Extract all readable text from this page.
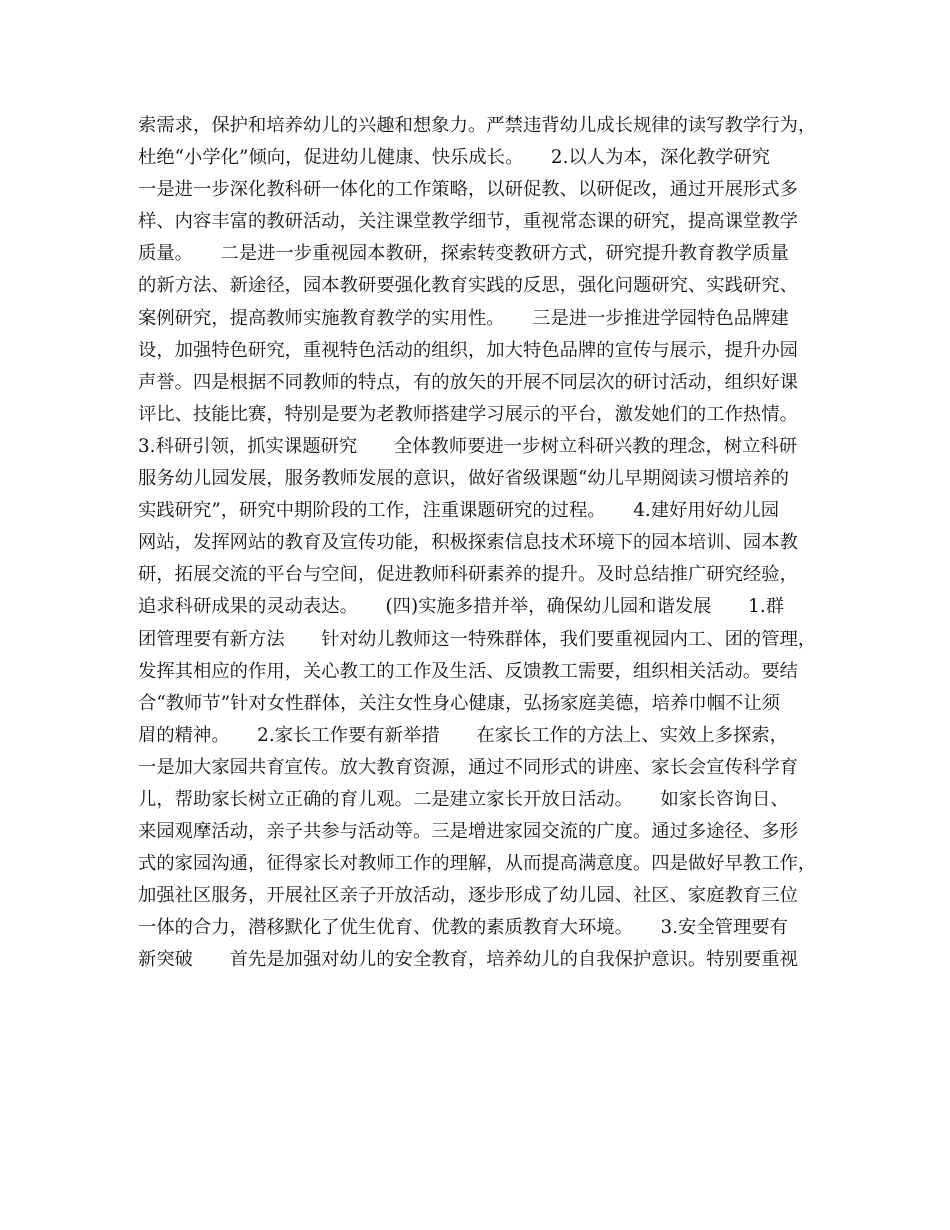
索需求，保护和培养幼儿的兴趣和想象力。严禁违背幼儿成长规律的读写教学行为，
杜绝“小学化”倾向，促进幼儿健康、快乐成长。　　2.以人为本，深化教学研究
一是进一步深化教科研一体化的工作策略，以研促教、以研促改，通过开展形式多
样、内容丰富的教研活动，关注课堂教学细节，重视常态课的研究，提高课堂教学
质量。　　二是进一步重视园本教研，探索转变教研方式，研究提升教育教学质量
的新方法、新途径，园本教研要强化教育实践的反思，强化问题研究、实践研究、
案例研究，提高教师实施教育教学的实用性。　　三是进一步推进学园特色品牌建
设，加强特色研究，重视特色活动的组织，加大特色品牌的宣传与展示，提升办园
声誉。四是根据不同教师的特点，有的放矢的开展不同层次的研讨活动，组织好课
评比、技能比赛，特别是要为老教师搭建学习展示的平台，激发她们的工作热情。
3.科研引领，抓实课题研究　　全体教师要进一步树立科研兴教的理念，树立科研
服务幼儿园发展，服务教师发展的意识，做好省级课题“幼儿早期阅读习惯培养的
实践研究”，研究中期阶段的工作，注重课题研究的过程。　　4.建好用好幼儿园
网站，发挥网站的教育及宣传功能，积极探索信息技术环境下的园本培训、园本教
研，拓展交流的平台与空间，促进教师科研素养的提升。及时总结推广研究经验，
追求科研成果的灵动表达。　　(四)实施多措并举，确保幼儿园和谐发展　　1.群
团管理要有新方法　　针对幼儿教师这一特殊群体，我们要重视园内工、团的管理，
发挥其相应的作用，关心教工的工作及生活、反馈教工需要，组织相关活动。要结
合“教师节”针对女性群体，关注女性身心健康，弘扬家庭美德，培养巾帼不让须
眉的精神。　　2.家长工作要有新举措　　在家长工作的方法上、实效上多探索，
一是加大家园共育宣传。放大教育资源，通过不同形式的讲座、家长会宣传科学育
儿，帮助家长树立正确的育儿观。二是建立家长开放日活动。　　如家长咨询日、
来园观摩活动，亲子共参与活动等。三是增进家园交流的广度。通过多途径、多形
式的家园沟通，征得家长对教师工作的理解，从而提高满意度。四是做好早教工作，
加强社区服务，开展社区亲子开放活动，逐步形成了幼儿园、社区、家庭教育三位
一体的合力，潜移默化了优生优育、优教的素质教育大环境。　　3.安全管理要有
新突破　　首先是加强对幼儿的安全教育，培养幼儿的自我保护意识。特别要重视
